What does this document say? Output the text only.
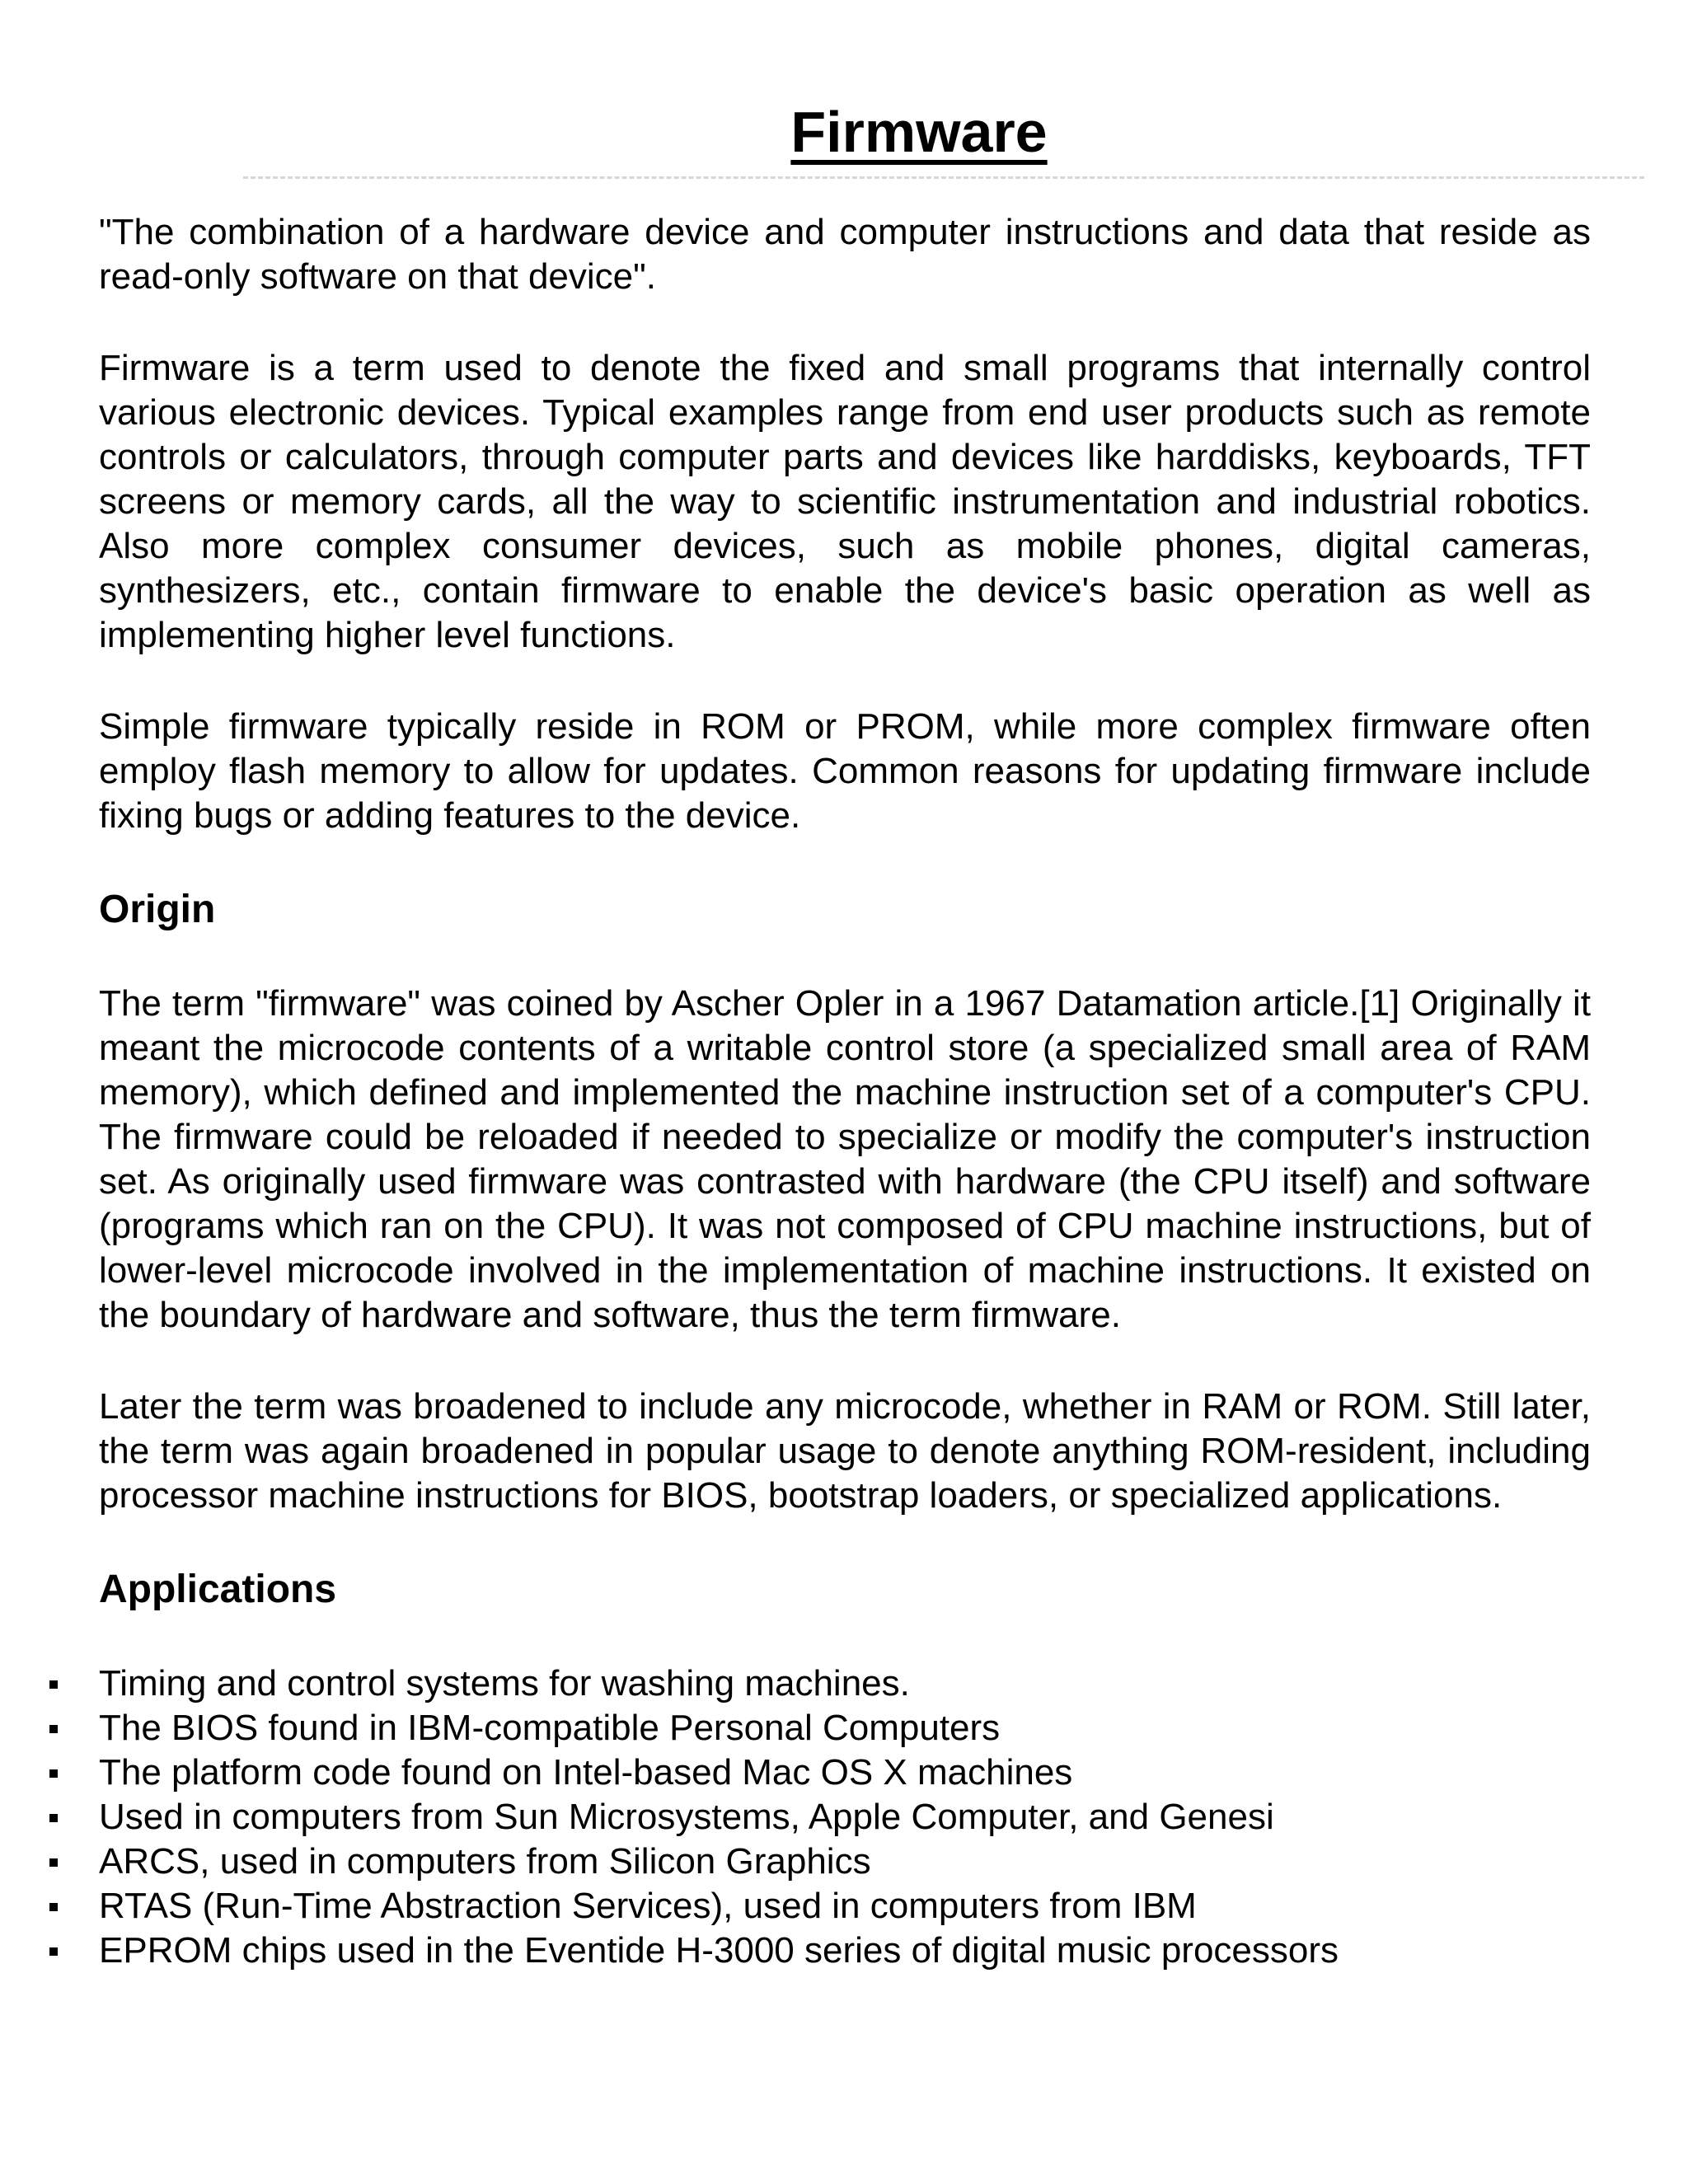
Firmware

"The combination of a hardware device and computer instructions and data that reside as read-only software on that device".

Firmware is a term used to denote the fixed and small programs that internally control various electronic devices. Typical examples range from end user products such as remote controls or calculators, through computer parts and devices like harddisks, keyboards, TFT screens or memory cards, all the way to scientific instrumentation and industrial robotics. Also more complex consumer devices, such as mobile phones, digital cameras, synthesizers, etc., contain firmware to enable the device's basic operation as well as implementing higher level functions.

Simple firmware typically reside in ROM or PROM, while more complex firmware often employ flash memory to allow for updates. Common reasons for updating firmware include fixing bugs or adding features to the device.

Origin

The term "firmware" was coined by Ascher Opler in a 1967 Datamation article.[1] Originally it meant the microcode contents of a writable control store (a specialized small area of RAM memory), which defined and implemented the machine instruction set of a computer's CPU. The firmware could be reloaded if needed to specialize or modify the computer's instruction set. As originally used firmware was contrasted with hardware (the CPU itself) and software (programs which ran on the CPU). It was not composed of CPU machine instructions, but of lower-level microcode involved in the implementation of machine instructions. It existed on the boundary of hardware and software, thus the term firmware.

Later the term was broadened to include any microcode, whether in RAM or ROM. Still later, the term was again broadened in popular usage to denote anything ROM-resident, including processor machine instructions for BIOS, bootstrap loaders, or specialized applications.

Applications
Timing and control systems for washing machines.
The BIOS found in IBM-compatible Personal Computers
The platform code found on Intel-based Mac OS X machines
Used in computers from Sun Microsystems, Apple Computer, and Genesi
ARCS, used in computers from Silicon Graphics
RTAS (Run-Time Abstraction Services), used in computers from IBM
EPROM chips used in the Eventide H-3000 series of digital music processors
